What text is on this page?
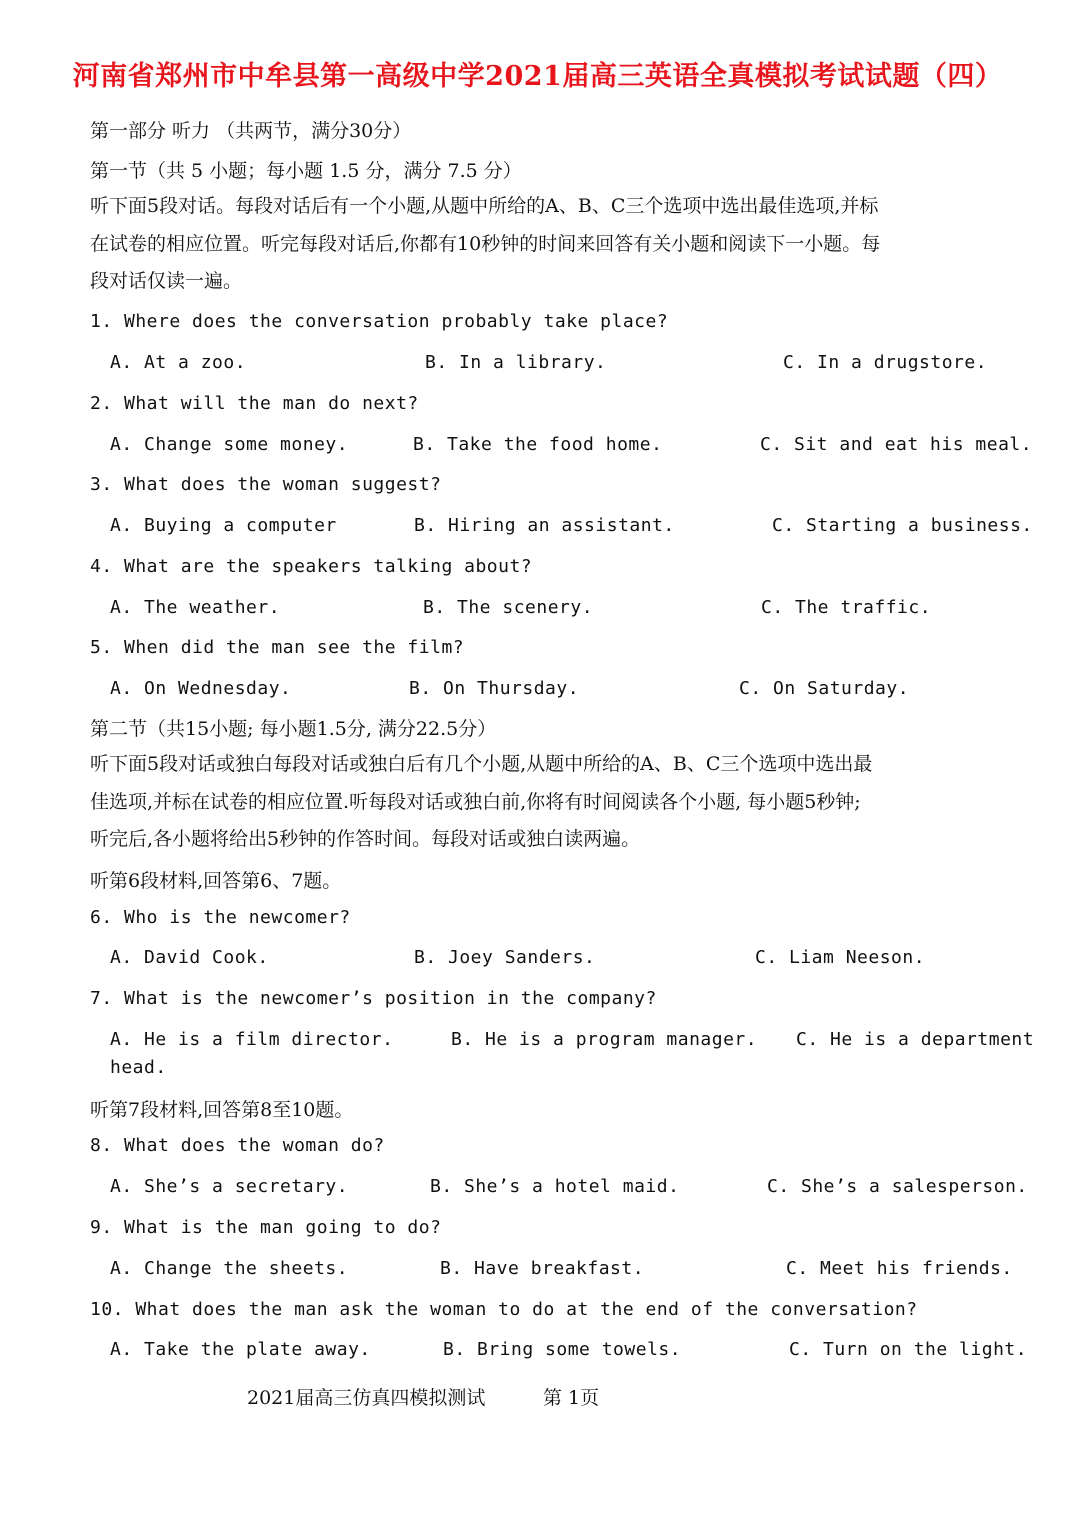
河南省郑州市中牟县第一高级中学2021届高三英语全真模拟考试试题（四）
第一部分 听力 （共两节，满分30分）
第一节（共 5 小题；每小题 1.5 分，满分 7.5 分）
听下面5段对话。每段对话后有一个小题,从题中所给的A、B、C三个选项中选出最佳选项,并标
在试卷的相应位置。听完每段对话后,你都有10秒钟的时间来回答有关小题和阅读下一小题。每
段对话仅读一遍。
1. Where does the conversation probably take place?
A. At a zoo.	B. In a library.	C. In a drugstore.
2. What will the man do next?
A. Change some money.	B. Take the food home.	C. Sit and eat his meal.
3. What does the woman suggest?
A. Buying a computer	B. Hiring an assistant.	C. Starting a business.
4. What are the speakers talking about?
A. The weather.	B. The scenery.	C. The traffic.
5. When did the man see the film?
A. On Wednesday.	B. On Thursday.	C. On Saturday.
第二节（共15小题; 每小题1.5分, 满分22.5分）
听下面5段对话或独白每段对话或独白后有几个小题,从题中所给的A、B、C三个选项中选出最
佳选项,并标在试卷的相应位置.听每段对话或独白前,你将有时间阅读各个小题, 每小题5秒钟;
听完后,各小题将给出5秒钟的作答时间。每段对话或独白读两遍。
听第6段材料,回答第6、7题。
6. Who is the newcomer?
A. David Cook.	B. Joey Sanders.	C. Liam Neeson.
7. What is the newcomer’s position in the company?
A. He is a film director.	B. He is a program manager. C. He is a department
head.
听第7段材料,回答第8至10题。
8. What does the woman do?
A. She’s a secretary.	B. She’s a hotel maid.	C. She’s a salesperson.
9. What is the man going to do?
A. Change the sheets.	B. Have breakfast.	C. Meet his friends.
10. What does the man ask the woman to do at the end of the conversation?
A. Take the plate away.	B. Bring some towels.	C. Turn on the light.
2021届高三仿真四模拟测试	第 1页
